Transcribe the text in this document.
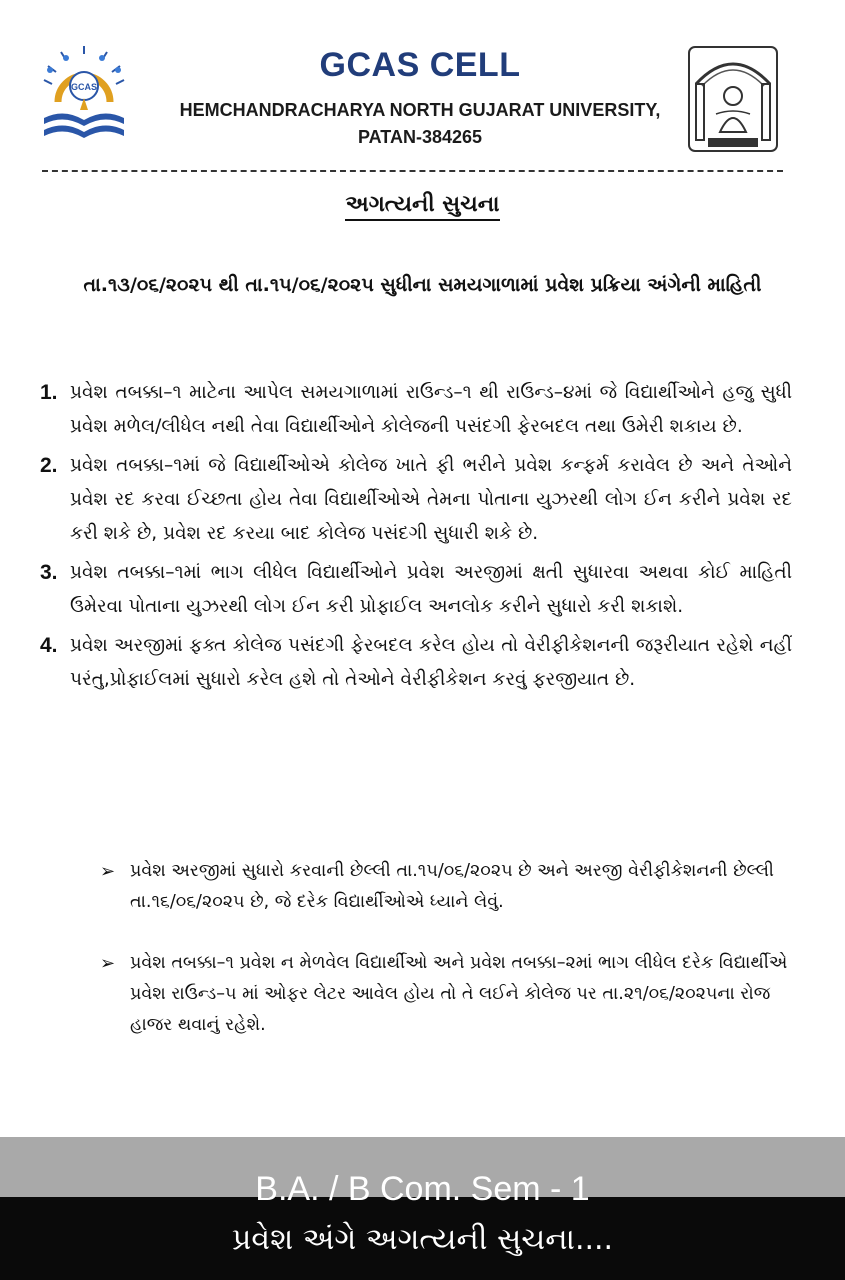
GCAS
GCAS CELL
HEMCHANDRACHARYA NORTH GUJARAT UNIVERSITY,
PATAN-384265
અગત્યની સુચના
તા.૧૩/૦૬/૨૦૨૫ થી તા.૧૫/૦૬/૨૦૨૫ સુધીના સમયગાળામાં પ્રવેશ પ્રક્રિયા અંગેની માહિતી
1. પ્રવેશ તબક્કા–૧ માટેના આપેલ સમયગાળામાં રાઉન્ડ–૧ થી રાઉન્ડ–૪માં જે વિદ્યાર્થીઓને હજુ સુધી પ્રવેશ મળેલ/લીધેલ નથી તેવા વિદ્યાર્થીઓને કોલેજની પસંદગી ફેરબદલ તથા ઉમેરી શકાય છે.
2. પ્રવેશ તબક્કા–૧માં જે વિદ્યાર્થીઓએ કોલેજ ખાતે ફી ભરીને પ્રવેશ કન્ફર્મ કરાવેલ છે અને તેઓને પ્રવેશ રદ કરવા ઈચ્છતા હોય તેવા વિદ્યાર્થીઓએ તેમના પોતાના યુઝરથી લોગ ઈન કરીને પ્રવેશ રદ કરી શકે છે, પ્રવેશ રદ કરયા બાદ કોલેજ પસંદગી સુધારી શકે છે.
3. પ્રવેશ તબક્કા–૧માં ભાગ લીધેલ વિદ્યાર્થીઓને પ્રવેશ અરજીમાં ક્ષતી સુધારવા અથવા કોઈ માહિતી ઉમેરવા પોતાના યુઝરથી લોગ ઈન કરી પ્રોફાઈલ અનલોક કરીને સુધારો કરી શકાશે.
4. પ્રવેશ અરજીમાં ફક્ત કોલેજ પસંદગી ફેરબદલ કરેલ હોય તો વેરીફીકેશનની જરૂરીયાત રહેશે નહીં પરંતુ,પ્રોફાઈલમાં સુધારો કરેલ હશે તો તેઓને વેરીફીકેશન કરવું ફરજીયાત છે.
➢ પ્રવેશ અરજીમાં સુધારો કરવાની છેલ્લી તા.૧૫/૦૬/૨૦૨૫ છે અને અરજી વેરીફીકેશનની છેલ્લી તા.૧૬/૦૬/૨૦૨૫ છે, જે દરેક વિદ્યાર્થીઓએ ધ્યાને લેવું.
➢ પ્રવેશ તબક્કા–૧ પ્રવેશ ન મેળવેલ વિદ્યાર્થીઓ અને પ્રવેશ તબક્કા–૨માં ભાગ લીધેલ દરેક વિદ્યાર્થીએ પ્રવેશ રાઉન્ડ–૫ માં ઓફર લેટર આવેલ હોય તો તે લઈને કોલેજ પર તા.૨૧/૦૬/૨૦૨૫ના રોજ હાજર થવાનું રહેશે.
B.A. / B Com. Sem - 1
પ્રવેશ અંગે અગત્યની સુચના....
